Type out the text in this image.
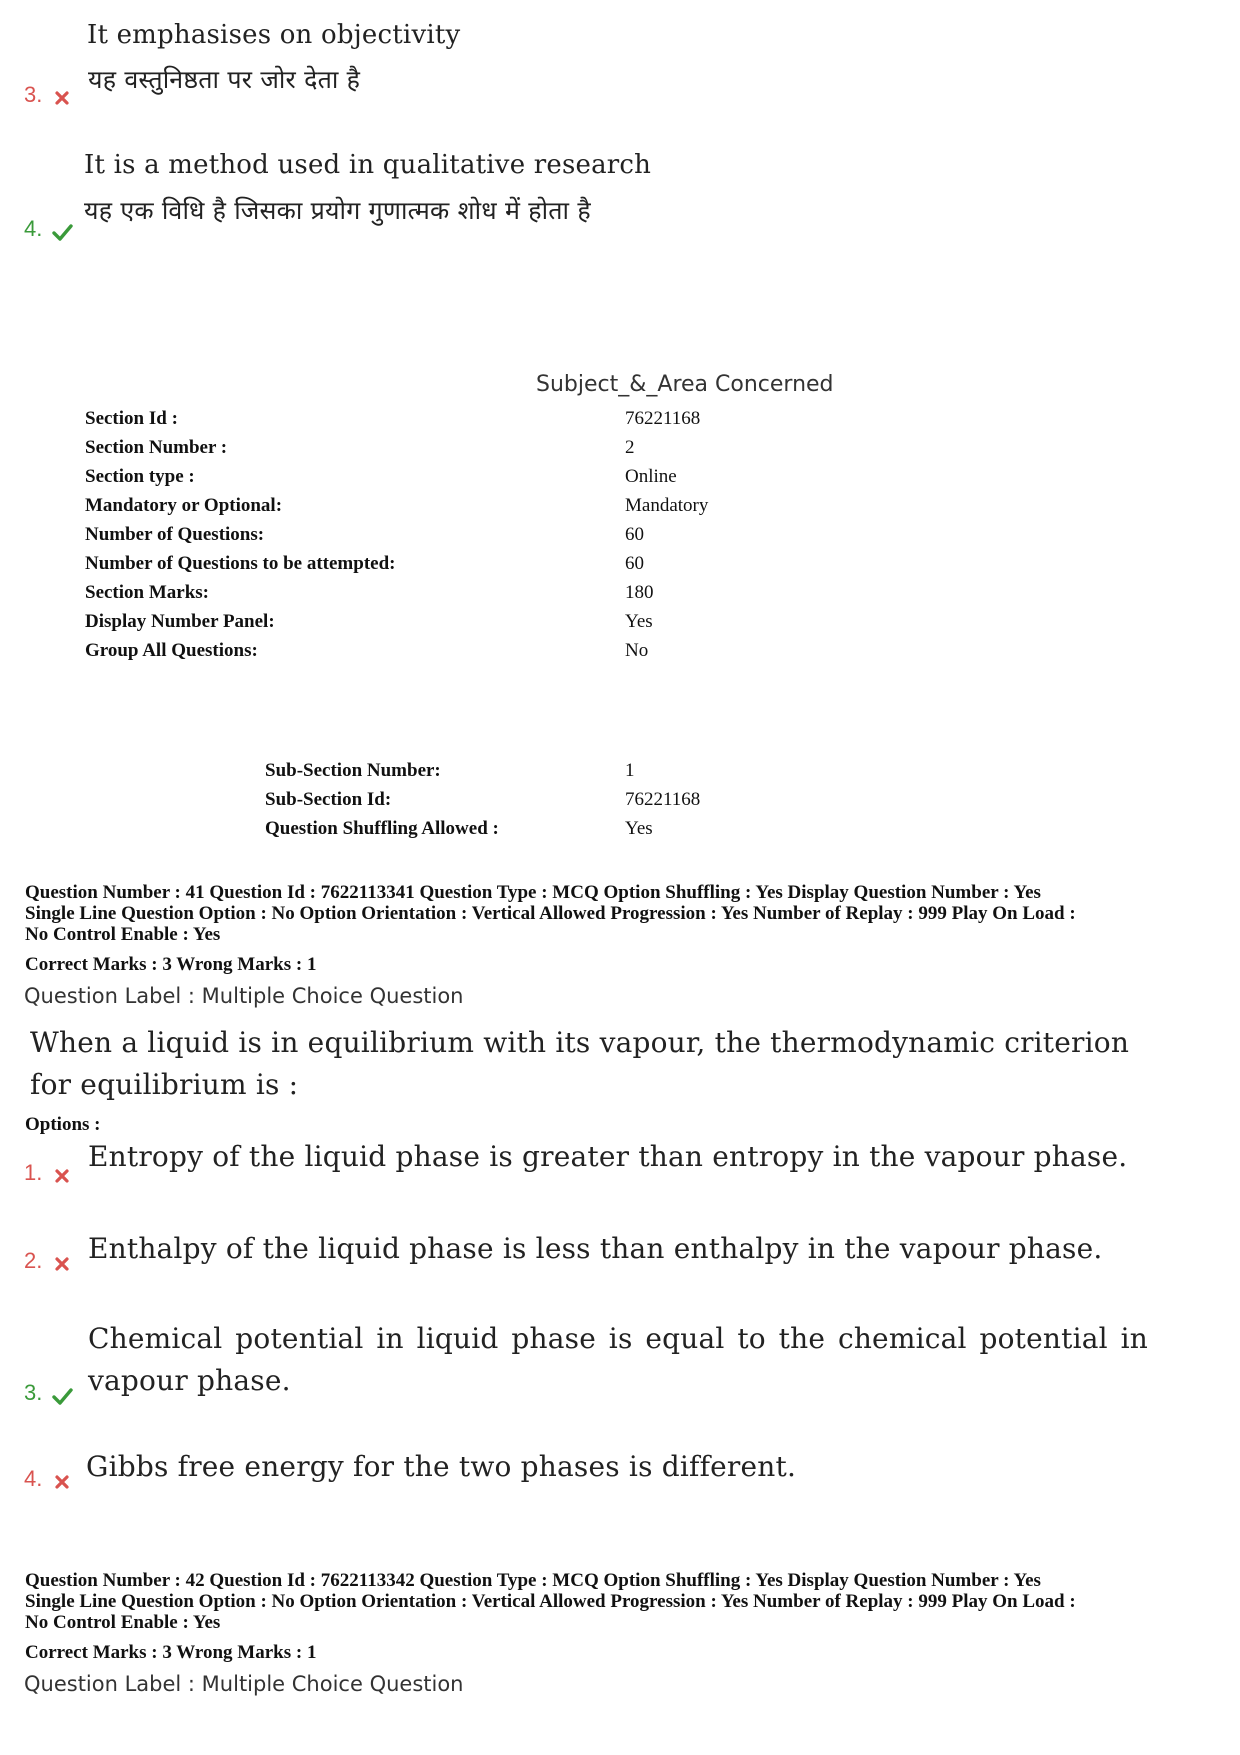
It emphasises on objectivity
यह वस्तुनिष्ठता पर जोर देता है
3.
It is a method used in qualitative research
यह एक विधि है जिसका प्रयोग गुणात्मक शोध में होता है
4.
Subject_&_Area Concerned
Section Id :	76221168
Section Number :	2
Section type :	Online
Mandatory or Optional:	Mandatory
Number of Questions:	60
Number of Questions to be attempted:	60
Section Marks:	180
Display Number Panel:	Yes
Group All Questions:	No
Sub-Section Number:	1
Sub-Section Id:	76221168
Question Shuffling Allowed :	Yes
Question Number : 41 Question Id : 7622113341 Question Type : MCQ Option Shuffling : Yes Display Question Number : Yes
Single Line Question Option : No Option Orientation : Vertical Allowed Progression : Yes Number of Replay : 999 Play On Load :
No Control Enable : Yes
Correct Marks : 3 Wrong Marks : 1
Question Label : Multiple Choice Question
When a liquid is in equilibrium with its vapour, the thermodynamic criterion for equilibrium is :
Options :
1.	Entropy of the liquid phase is greater than entropy in the vapour phase.
2.	Enthalpy of the liquid phase is less than enthalpy in the vapour phase.
Chemical potential in liquid phase is equal to the chemical potential in vapour phase.
3.
4.	Gibbs free energy for the two phases is different.
Question Number : 42 Question Id : 7622113342 Question Type : MCQ Option Shuffling : Yes Display Question Number : Yes
Single Line Question Option : No Option Orientation : Vertical Allowed Progression : Yes Number of Replay : 999 Play On Load :
No Control Enable : Yes
Correct Marks : 3 Wrong Marks : 1
Question Label : Multiple Choice Question
